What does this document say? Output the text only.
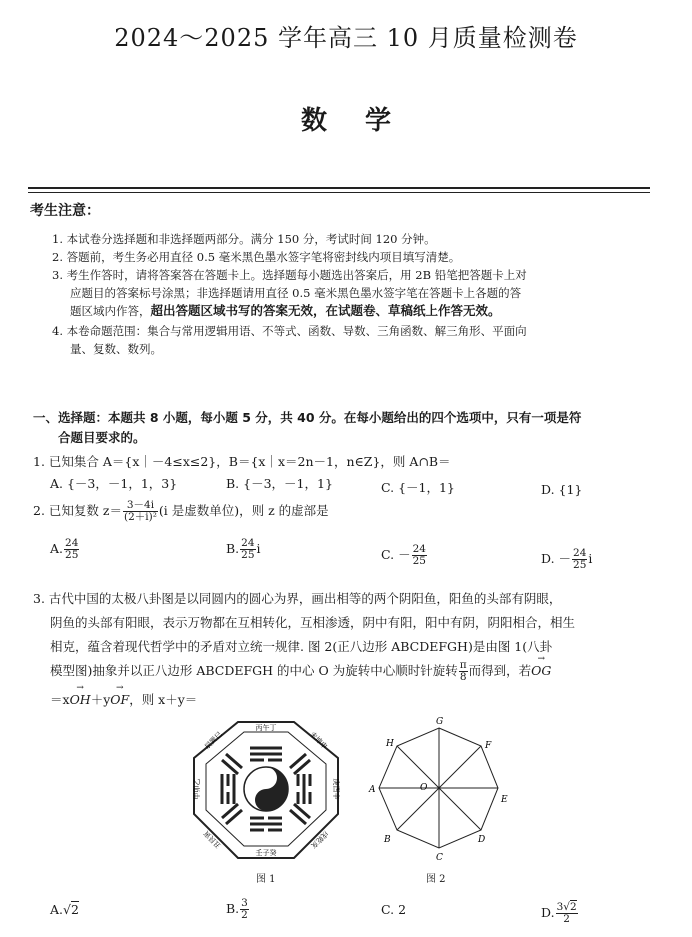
2024～2025 学年高三 10 月质量检测卷
数学
考生注意：
1. 本试卷分选择题和非选择题两部分。满分 150 分，考试时间 120 分钟。
2. 答题前，考生务必用直径 0.5 毫米黑色墨水签字笔将密封线内项目填写清楚。
3. 考生作答时，请将答案答在答题卡上。选择题每小题选出答案后，用 2B 铅笔把答题卡上对
应题目的答案标号涂黑；非选择题请用直径 0.5 毫米黑色墨水签字笔在答题卡上各题的答
题区域内作答，超出答题区域书写的答案无效，在试题卷、草稿纸上作答无效。
4. 本卷命题范围：集合与常用逻辑用语、不等式、函数、导数、三角函数、解三角形、平面向
量、复数、数列。
一、选择题：本题共 8 小题，每小题 5 分，共 40 分。在每小题给出的四个选项中，只有一项是符
合题目要求的。
1. 已知集合 A＝{x｜－4≤x≤2}，B＝{x｜x＝2n－1，n∈Z}，则 A∩B＝
A. {－3，－1，1，3}	B. {－3，－1，1}	C. {－1，1}	D. {1}
2. 已知复数 $z= \frac{3-4i}{\text{(2＋i)²}} (i$ 是虚数单位)，则 z 的虚部是
A. $\frac{24}{25}$	B. $\frac{24}{25}$ i	C. － $\frac{24}{25}$	D. － $\frac{24}{25}$ i
3. 古代中国的太极八卦图是以同圆内的圆心为界，画出相等的两个阴阳鱼，阳鱼的头部有阴眼，
阴鱼的头部有阳眼，表示万物都在互相转化，互相渗透，阴中有阳，阳中有阴，阴阳相合，相生
相克，蕴含着现代哲学中的矛盾对立统一规律. 图 2(正八边形 ABCDEFGH)是由图 1(八卦
模型图)抽象并以正八边形 ABCDEFGH 的中心 O 为旋转中心顺时针旋转 $\frac{\pi}{8}$ 而得到，若→ OG
＝x→ OH＋y→ OF，则 x＋y＝
丙午丁
未坤申
庚酉辛
戌乾亥
壬子癸
丑艮寅
甲卯乙
辰巽巳
图 1
G
F
E
D
C
B
A
H
O
图 2
A.√2	B. $\frac{3}{2}$	C. 2	D. $\frac{3√2}{2}$
